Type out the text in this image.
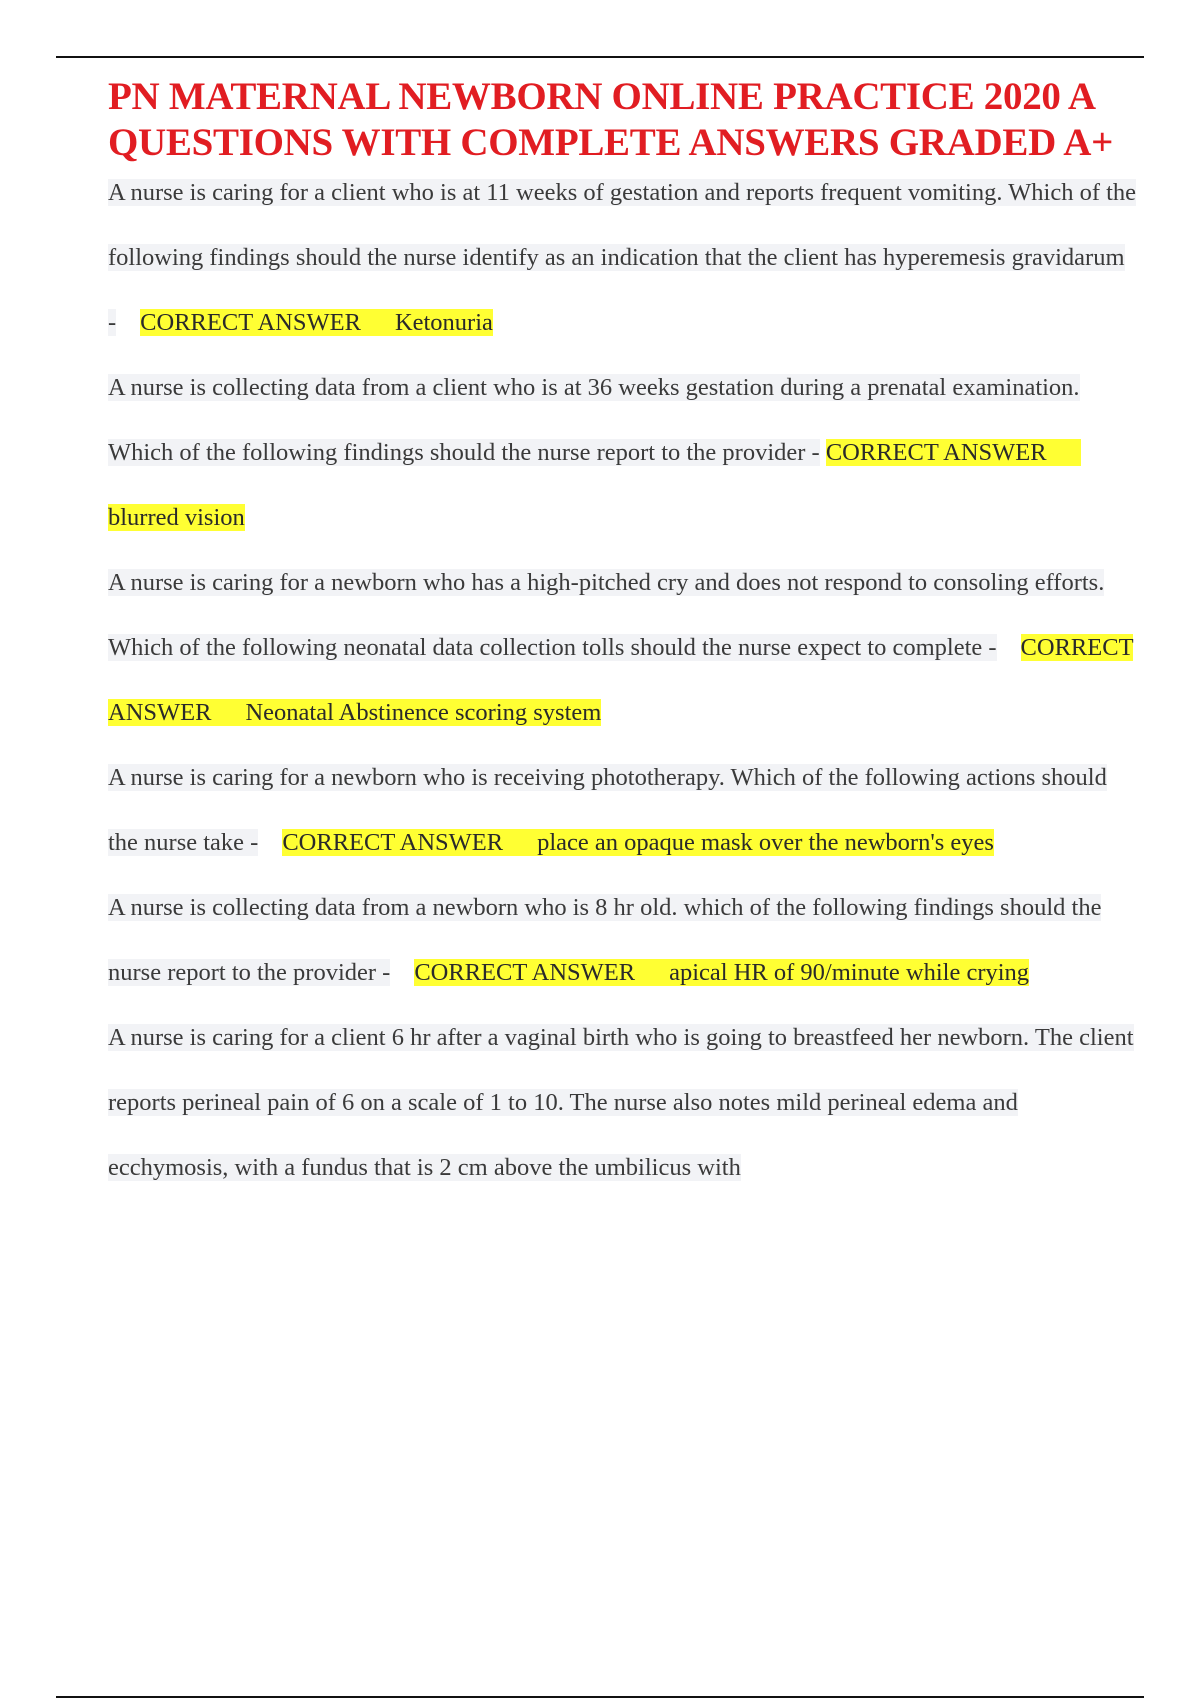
PN MATERNAL NEWBORN ONLINE PRACTICE 2020 A QUESTIONS WITH COMPLETE ANSWERS GRADED A+

A nurse is caring for a client who is at 11 weeks of gestation and reports frequent vomiting. Which of the following findings should the nurse identify as an indication that the client has hyperemesis gravidarum - CORRECT ANSWER Ketonuria

A nurse is collecting data from a client who is at 36 weeks gestation during a prenatal examination. Which of the following findings should the nurse report to the provider - CORRECT ANSWERblurred vision

A nurse is caring for a newborn who has a high-pitched cry and does not respond to consoling efforts. Which of the following neonatal data collection tolls should the nurse expect to complete - CORRECT ANSWER Neonatal Abstinence scoring system

A nurse is caring for a newborn who is receiving phototherapy. Which of the following actions should the nurse take - CORRECT ANSWER place an opaque mask over the newborn's eyes

A nurse is collecting data from a newborn who is 8 hr old. which of the following findings should the nurse report to the provider - CORRECT ANSWER apical HR of 90/minute while crying

A nurse is caring for a client 6 hr after a vaginal birth who is going to breastfeed her newborn. The client reports perineal pain of 6 on a scale of 1 to 10. The nurse also notes mild perineal edema and ecchymosis, with a fundus that is 2 cm above the umbilicus with
